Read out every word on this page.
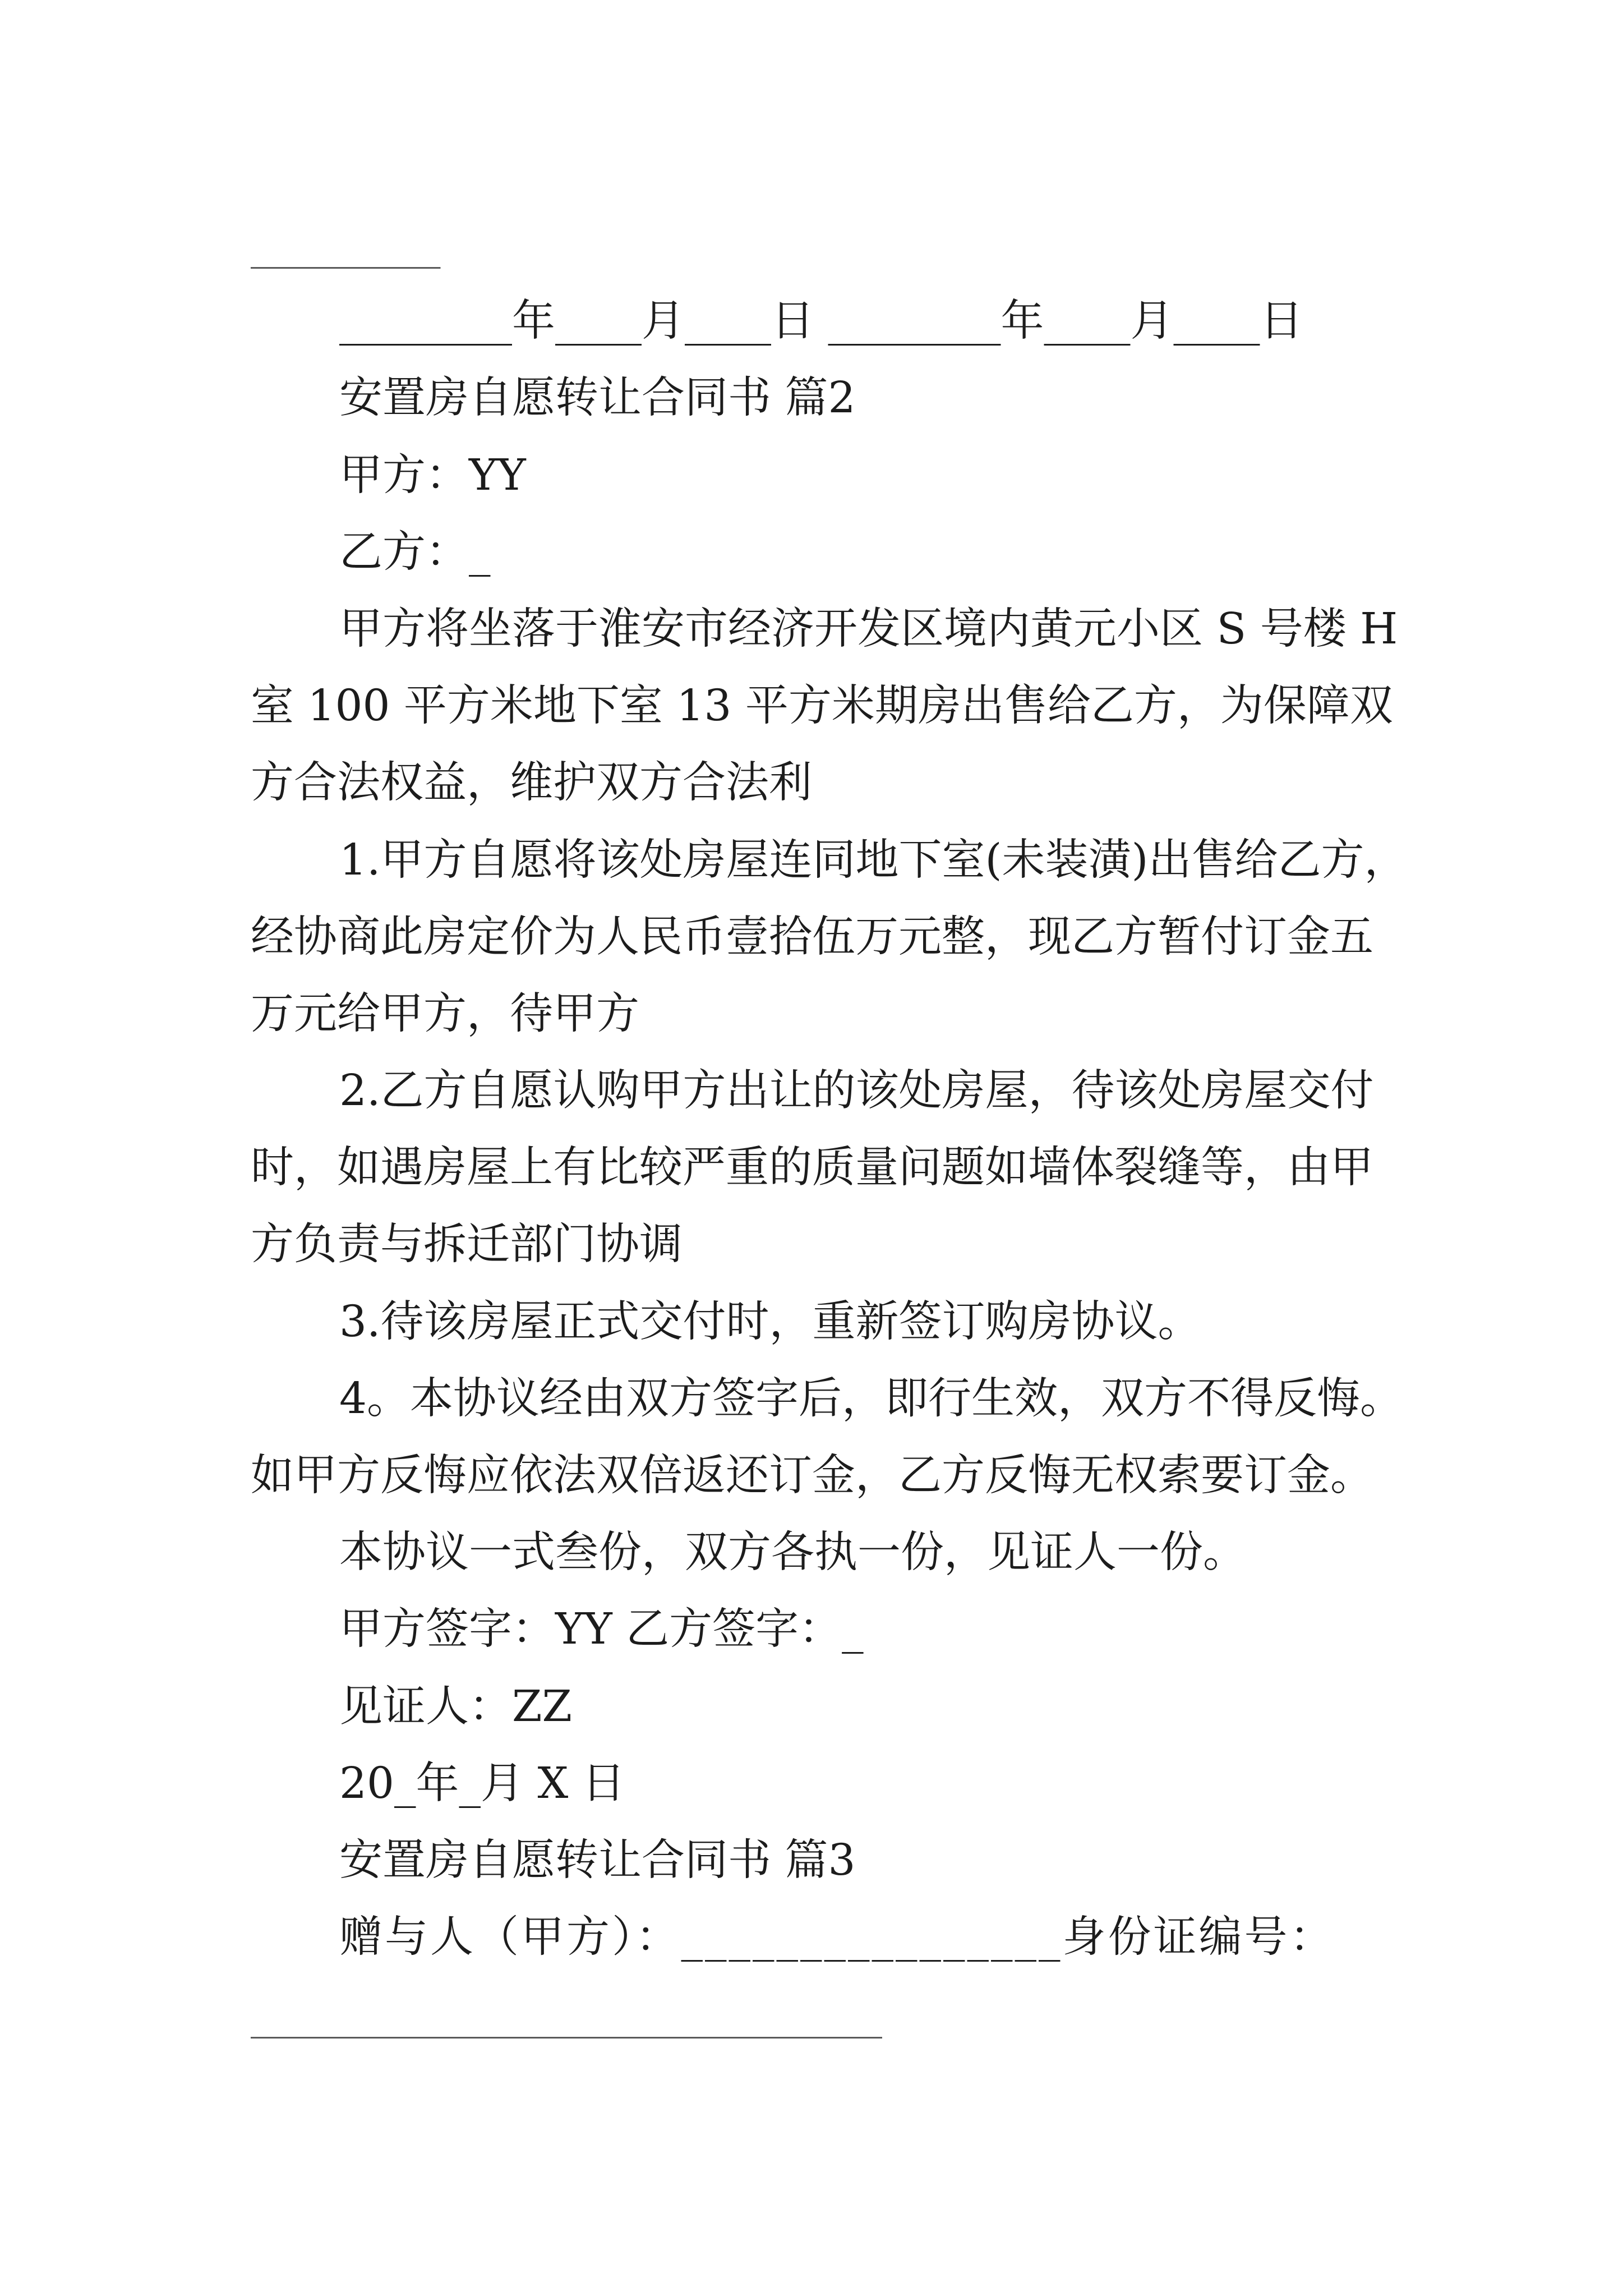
_________
________年____月____日 ________年____月____日
安置房自愿转让合同书 篇2
甲方：YY
乙方：_
甲方将坐落于淮安市经济开发区境内黄元小区 S 号楼 H
室 100 平方米地下室 13 平方米期房出售给乙方，为保障双
方合法权益，维护双方合法利
1.甲方自愿将该处房屋连同地下室(未装潢)出售给乙方，
经协商此房定价为人民币壹拾伍万元整，现乙方暂付订金五
万元给甲方，待甲方
2.乙方自愿认购甲方出让的该处房屋，待该处房屋交付
时，如遇房屋上有比较严重的质量问题如墙体裂缝等，由甲
方负责与拆迁部门协调
3.待该房屋正式交付时，重新签订购房协议。
4。本协议经由双方签字后，即行生效，双方不得反悔。
如甲方反悔应依法双倍返还订金，乙方反悔无权索要订金。
本协议一式叁份，双方各执一份，见证人一份。
甲方签字：YY 乙方签字：_
见证人：ZZ
20_年_月 X 日
安置房自愿转让合同书 篇3
赠与人（甲方）：________________身份证编号：
______________________________
